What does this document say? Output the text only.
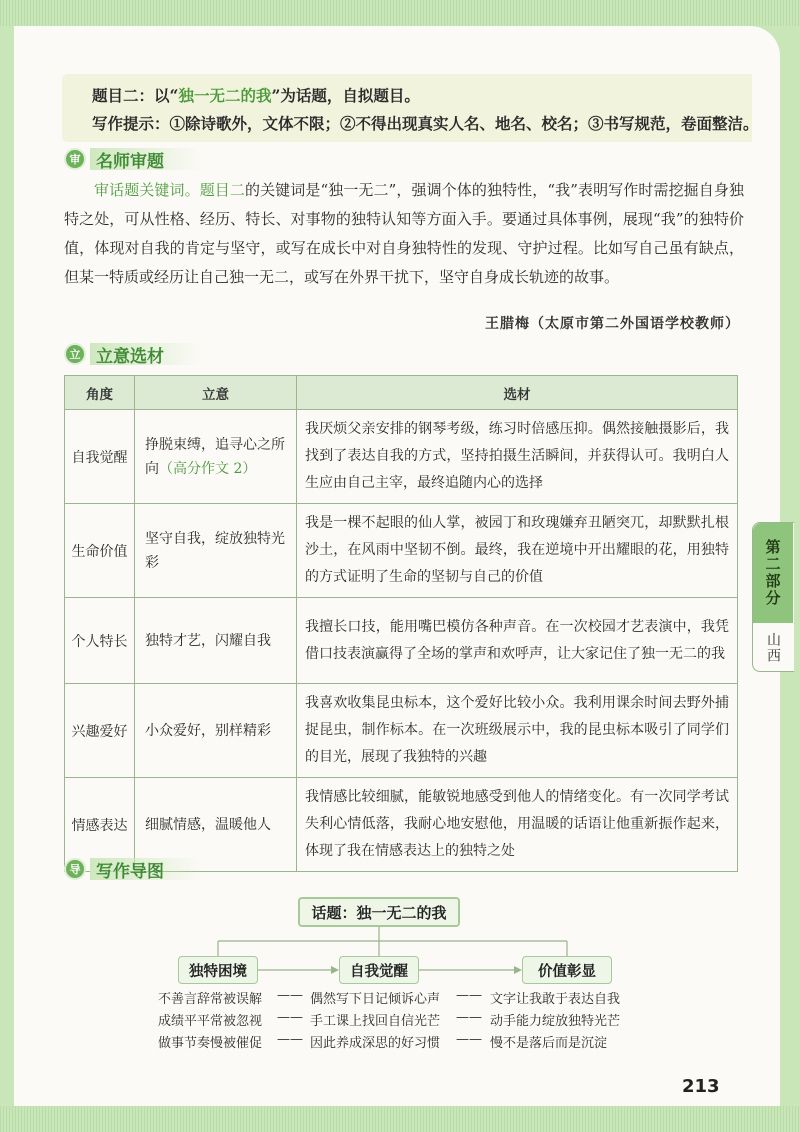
题目二：以“独一无二的我”为话题，自拟题目。
写作提示：①除诗歌外，文体不限；②不得出现真实人名、地名、校名；③书写规范，卷面整洁。
审 名师审题

审话题关键词。题目二的关键词是“独一无二”，强调个体的独特性，“我”表明写作时需挖掘自身独特之处，可从性格、经历、特长、对事物的独特认知等方面入手。要通过具体事例，展现“我”的独特价值，体现对自我的肯定与坚守，或写在成长中对自身独特性的发现、守护过程。比如写自己虽有缺点，但某一特质或经历让自己独一无二，或写在外界干扰下，坚守自身成长轨迹的故事。

王腊梅（太原市第二外国语学校教师）
立 立意选材
角度	立意	选材
自我觉醒	挣脱束缚，追寻心之所向（高分作文 2）	我厌烦父亲安排的钢琴考级，练习时倍感压抑。偶然接触摄影后，我找到了表达自我的方式，坚持拍摄生活瞬间，并获得认可。我明白人生应由自己主宰，最终追随内心的选择
生命价值	坚守自我，绽放独特光彩	我是一棵不起眼的仙人掌，被园丁和玫瑰嫌弃丑陋突兀，却默默扎根沙土，在风雨中坚韧不倒。最终，我在逆境中开出耀眼的花，用独特的方式证明了生命的坚韧与自己的价值
个人特长	独特才艺，闪耀自我	我擅长口技，能用嘴巴模仿各种声音。在一次校园才艺表演中，我凭借口技表演赢得了全场的掌声和欢呼声，让大家记住了独一无二的我
兴趣爱好	小众爱好，别样精彩	我喜欢收集昆虫标本，这个爱好比较小众。我利用课余时间去野外捕捉昆虫，制作标本。在一次班级展示中，我的昆虫标本吸引了同学们的目光，展现了我独特的兴趣
情感表达	细腻情感，温暖他人	我情感比较细腻，能敏锐地感受到他人的情绪变化。有一次同学考试失利心情低落，我耐心地安慰他，用温暖的话语让他重新振作起来，体现了我在情感表达上的独特之处
第二部分
山西
导 写作导图
话题：独一无二的我
独特困境	自我觉醒	价值彰显
不善言辞常被误解 —— 偶然写下日记倾诉心声 —— 文字让我敢于表达自我
成绩平平常被忽视 —— 手工课上找回自信光芒 —— 动手能力绽放独特光芒
做事节奏慢被催促 —— 因此养成深思的好习惯 —— 慢不是落后而是沉淀
213
